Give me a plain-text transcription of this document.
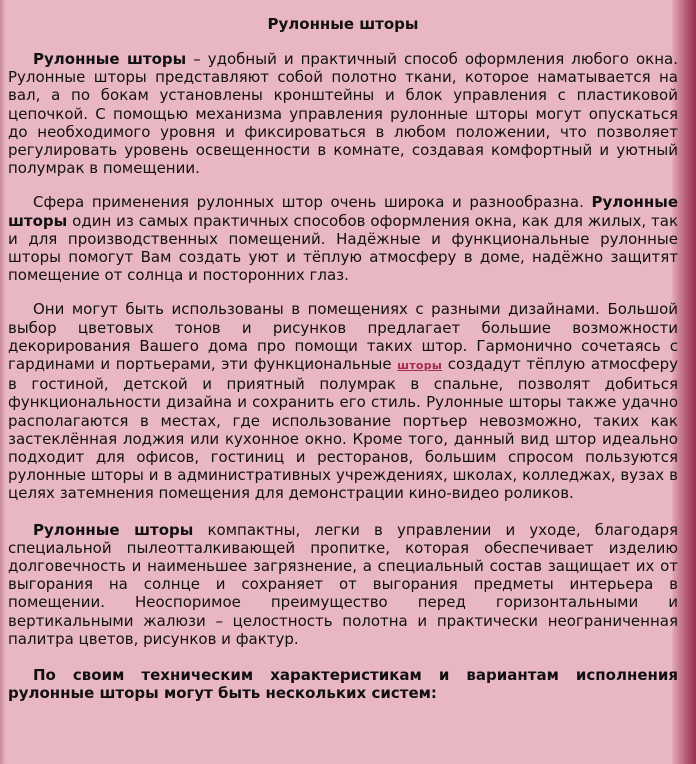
Рулонные шторы

Рулонные шторы – удобный и практичный способ оформления любого окна. Рулонные шторы представляют собой полотно ткани, которое наматывается на вал, а по бокам установлены кронштейны и блок управления с пластиковой цепочкой. С помощью механизма управления рулонные шторы могут опускаться до необходимого уровня и фиксироваться в любом положении, что позволяет регулировать уровень освещенности в комнате, создавая комфортный и уютный полумрак в помещении.

Сфера применения рулонных штор очень широка и разнообразна. Рулонные шторы один из самых практичных способов оформления окна, как для жилых, так и для производственных помещений. Надёжные и функциональные рулонные шторы помогут Вам создать уют и тёплую атмосферу в доме, надёжно защитят помещение от солнца и посторонних глаз.

Они могут быть использованы в помещениях с разными дизайнами. Большой выбор цветовых тонов и рисунков предлагает большие возможности декорирования Вашего дома про помощи таких штор. Гармонично сочетаясь с гардинами и портьерами, эти функциональные шторы создадут тёплую атмосферу в гостиной, детской и приятный полумрак в спальне, позволят добиться функциональности дизайна и сохранить его стиль. Рулонные шторы также удачно располагаются в местах, где использование портьер невозможно, таких как застеклённая лоджия или кухонное окно. Кроме того, данный вид штор идеально подходит для офисов, гостиниц и ресторанов, большим спросом пользуются рулонные шторы и в административных учреждениях, школах, колледжах, вузах в целях затемнения помещения для демонстрации кино-видео роликов.

Рулонные шторы компактны, легки в управлении и уходе, благодаря специальной пылеотталкивающей пропитке, которая обеспечивает изделию долговечность и наименьшее загрязнение, а специальный состав защищает их от выгорания на солнце и сохраняет от выгорания предметы интерьера в помещении. Неоспоримое преимущество перед горизонтальными и вертикальными жалюзи – целостность полотна и практически неограниченная палитра цветов, рисунков и фактур.

По своим техническим характеристикам и вариантам исполнения рулонные шторы могут быть нескольких систем:
